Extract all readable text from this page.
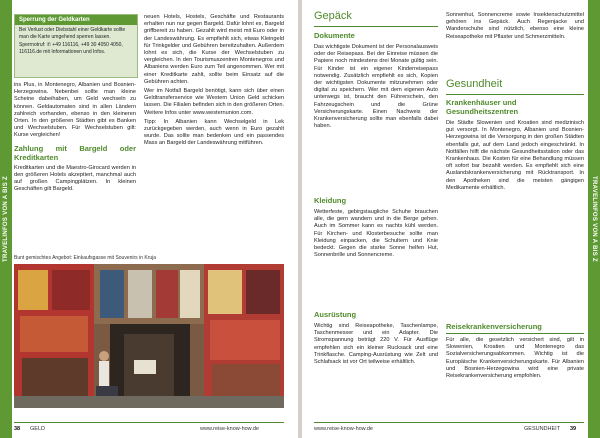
TRAVELINFOS VON A BIS Z
Sperrung der Geldkarten
Bei Verlust oder Diebstahl einer Geldkarte sollte man die Karte umgehend sperren lassen.
Sperrnotruf: ✆ +49 116116, +49 30 4050 4050, 116116.de mit Informationen und Infos.

ins Plus, in Montenegro, Albanien und Bosnien-Herzegowina. Nebenbei sollte man kleine Scheine dabeihaben, um Geld wechseln zu können. Geldautomaten sind in allen Ländern zahlreich vorhanden, ebenso in den kleineren Orten. In den größeren Städten gibt es Banken und Wechselstuben. Für Wechselstuben gilt: Kurse vergleichen!

Zahlung mit Bargeld oder Kreditkarten

Kreditkarten und die Maestro-Girocard werden in den größeren Hotels akzeptiert, manchmal auch auf großen Campingplätzen. In kleinen Geschäften gilt Bargeld.

neuen Hotels, Hostels, Geschäfte und Restaurants erhalten nun nur gegen Bargeld. Dafür lohnt es, Bargeld griffbereit zu haben. Gezahlt wird meist mit Euro oder in der Landeswährung. Es empfiehlt sich, etwas Kleingeld für Trinkgelder und Gebühren bereitzuhalten. Außerdem lohnt es sich, die Kurse der Wechselstuben zu vergleichen. In den Tourismuszentren Montenegros und Albaniens werden Euro zum Teil angenommen. Wer mit einer Kreditkarte zahlt, sollte beim Einsatz auf die Gebühren achten.

Wer im Notfall Bargeld benötigt, kann sich über einen Geldtransferservice wie Western Union Geld schicken lassen. Die Filialen befinden sich in den größeren Orten. Weitere Infos unter www.westernunion.com.

Tipp: In Albanien kann Wechselgeld in Lek zurückgegeben werden, auch wenn in Euro gezahlt wurde. Das sollte man bedenken und ein passendes Mass an Bargeld der Landeswährung mitführen.

Bunt gemischtes Angebot: Einkaufsgasse mit Souvenirs in Kruja
38 GELD	www.reise-know-how.de
TRAVELINFOS VON A BIS Z
Gepäck
Dokumente

Das wichtigste Dokument ist der Personalausweis oder der Reisepass. Bei der Einreise müssen die Papiere noch mindestens drei Monate gültig sein. Für Kinder ist ein eigener Kinderreisepass notwendig. Zusätzlich empfiehlt es sich, Kopien der wichtigsten Dokumente mitzunehmen oder digital zu speichern. Wer mit dem eigenen Auto unterwegs ist, braucht den Führerschein, den Fahrzeugschein und die Grüne Versicherungskarte. Einen Nachweis der Krankenversicherung sollte man ebenfalls dabei haben.

Kleidung

Wetterfeste, gebirgstaugliche Schuhe brauchen alle, die gern wandern und in die Berge gehen. Auch im Sommer kann es nachts kühl werden. Für Kirchen- und Klosterbesuche sollte man Kleidung einpacken, die Schultern und Knie bedeckt. Gegen die starke Sonne helfen Hut, Sonnenbrille und Sonnencreme.

Ausrüstung

Wichtig sind Reiseapotheke, Taschenlampe, Taschenmesser und ein Adapter. Die Stromspannung beträgt 220 V. Für Ausflüge empfehlen sich ein kleiner Rucksack und eine Trinkflasche. Camping-Ausrüstung wie Zelt und Schlafsack ist vor Ort teilweise erhältlich.

Sonnenhut, Sonnencreme sowie Insektenschutzmittel gehören ins Gepäck. Auch Regenjacke und Wanderschuhe sind nützlich, ebenso eine kleine Reiseapotheke mit Pflaster und Schmerzmitteln.

Gesundheit
Krankenhäuser und Gesundheitszentren

Die Städte Slowenien und Kroatien sind medizinisch gut versorgt. In Montenegro, Albanien und Bosnien-Herzegowina ist die Versorgung in den großen Städten ebenfalls gut, auf dem Land jedoch eingeschränkt. In Notfällen hilft die nächste Gesundheitsstation oder das Krankenhaus. Die Kosten für eine Behandlung müssen oft sofort bar bezahlt werden. Es empfiehlt sich eine Auslandskrankenversicherung mit Rücktransport. In den Apotheken sind die meisten gängigen Medikamente erhältlich.

Reisekrankenversicherung

Für alle, die gesetzlich versichert sind, gilt in Slowenien, Kroatien und Montenegro das Sozialversicherungsabkommen. Wichtig ist die Europäische Krankenversicherungskarte. Für Albanien und Bosnien-Herzegowina wird eine private Reisekrankenversicherung empfohlen.

www.reise-know-how.de	GESUNDHEIT 39
